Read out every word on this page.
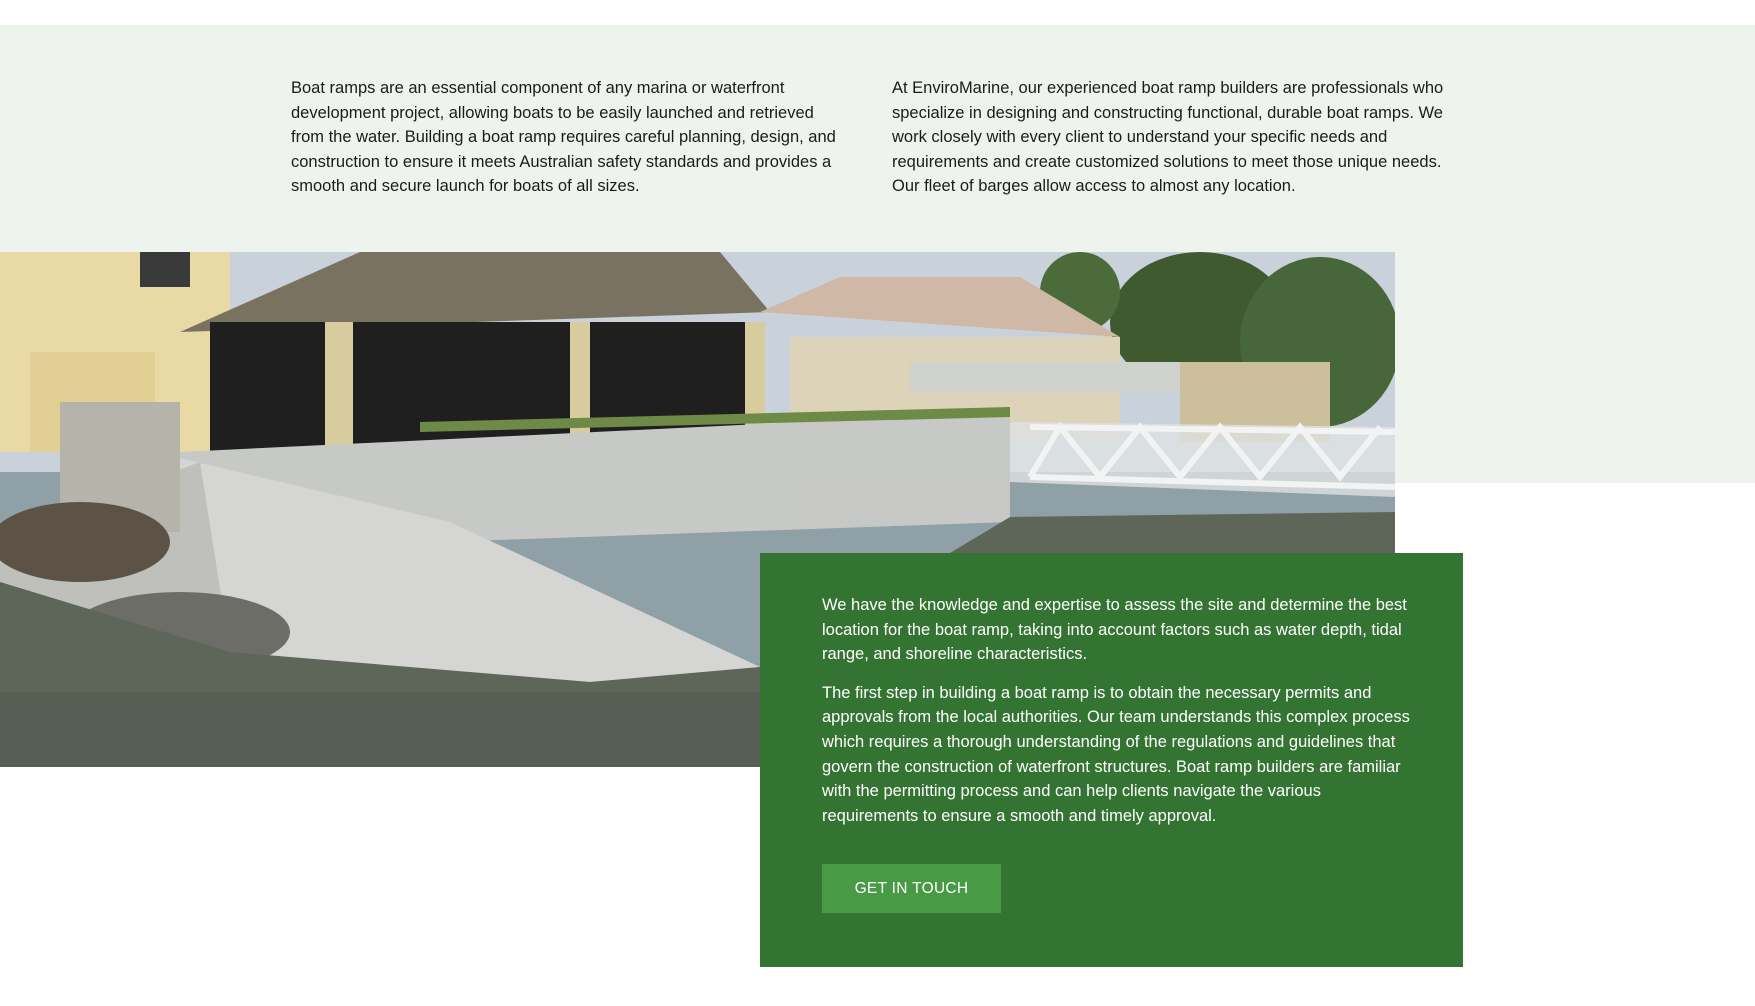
Boat ramps are an essential component of any marina or waterfront development project, allowing boats to be easily launched and retrieved from the water. Building a boat ramp requires careful planning, design, and construction to ensure it meets Australian safety standards and provides a smooth and secure launch for boats of all sizes.

At EnviroMarine, our experienced boat ramp builders are professionals who specialize in designing and constructing functional, durable boat ramps. We work closely with every client to understand your specific needs and requirements and create customized solutions to meet those unique needs. Our fleet of barges allow access to almost any location.

We have the knowledge and expertise to assess the site and determine the best location for the boat ramp, taking into account factors such as water depth, tidal range, and shoreline characteristics.

The first step in building a boat ramp is to obtain the necessary permits and approvals from the local authorities. Our team understands this complex process which requires a thorough understanding of the regulations and guidelines that govern the construction of waterfront structures. Boat ramp builders are familiar with the permitting process and can help clients navigate the various requirements to ensure a smooth and timely approval.

GET IN TOUCH
